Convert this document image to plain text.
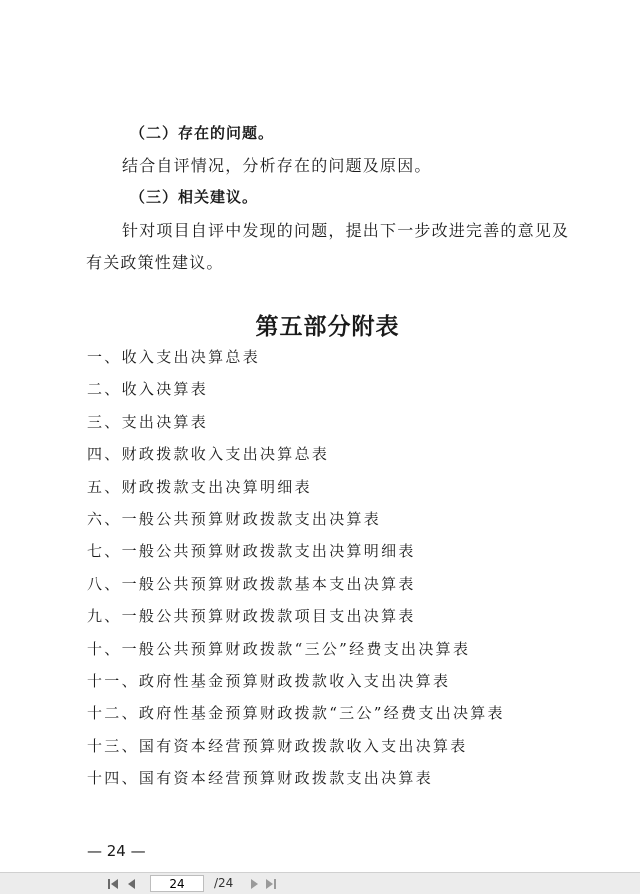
（二）存在的问题。
结合自评情况，分析存在的问题及原因。
（三）相关建议。
针对项目自评中发现的问题，提出下一步改进完善的意见及
有关政策性建议。
第五部分附表
一、收入支出决算总表
二、收入决算表
三、支出决算表
四、财政拨款收入支出决算总表
五、财政拨款支出决算明细表
六、一般公共预算财政拨款支出决算表
七、一般公共预算财政拨款支出决算明细表
八、一般公共预算财政拨款基本支出决算表
九、一般公共预算财政拨款项目支出决算表
十、一般公共预算财政拨款“三公”经费支出决算表
十一、政府性基金预算财政拨款收入支出决算表
十二、政府性基金预算财政拨款“三公”经费支出决算表
十三、国有资本经营预算财政拨款收入支出决算表
十四、国有资本经营预算财政拨款支出决算表
— 24 —
24
/24
